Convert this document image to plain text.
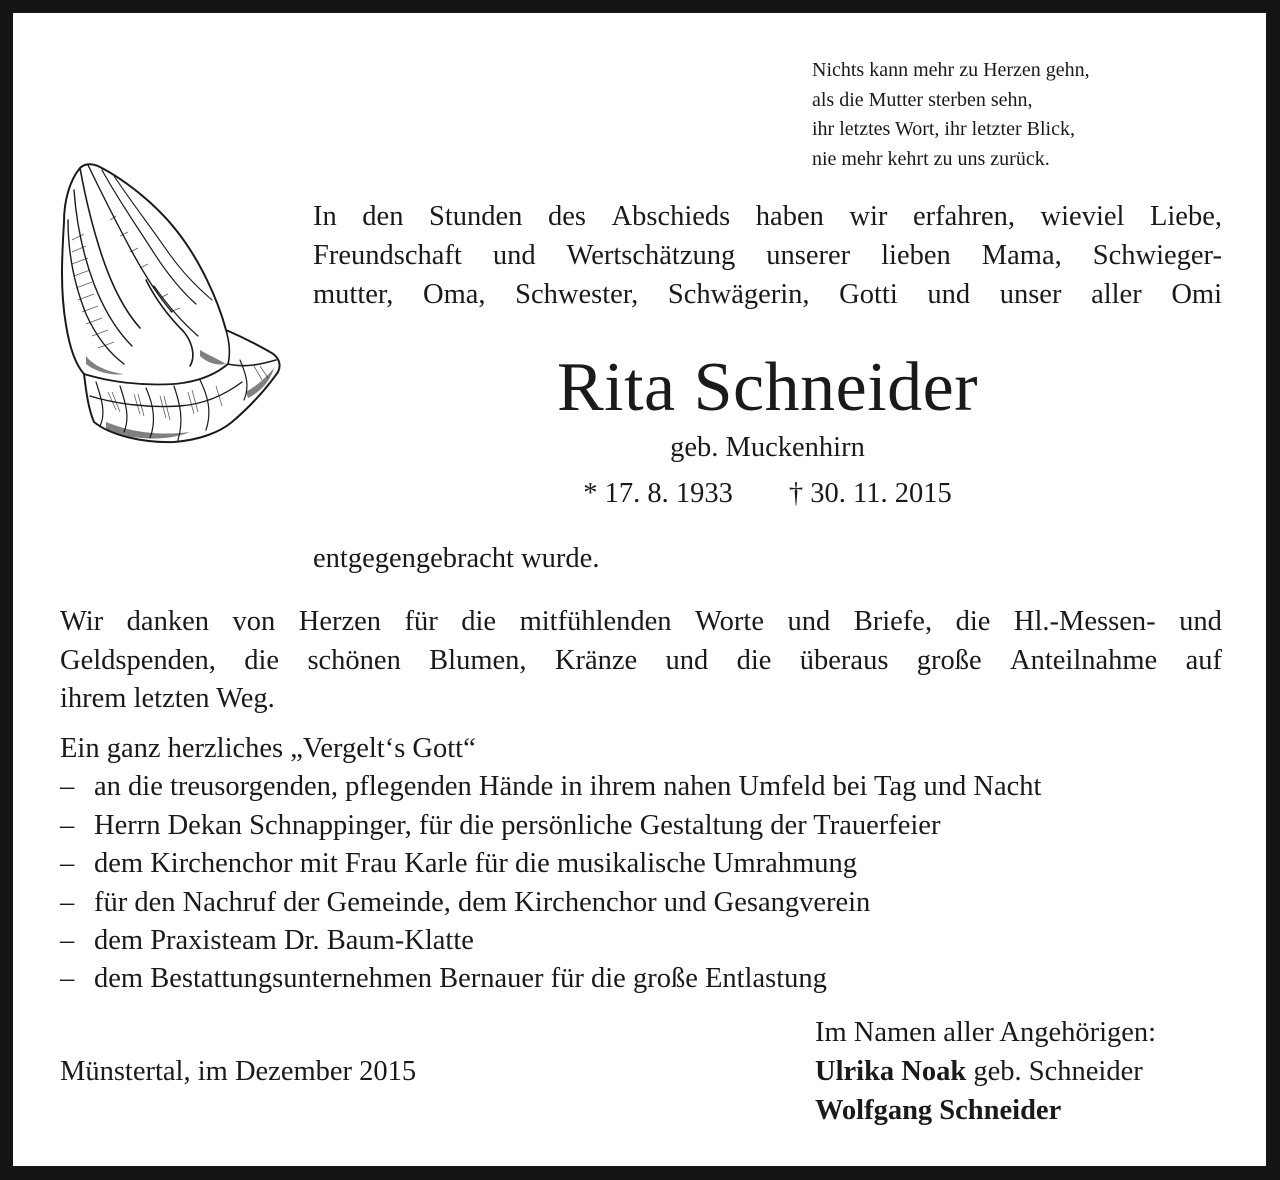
Nichts kann mehr zu Herzen gehn,
als die Mutter sterben sehn,
ihr letztes Wort, ihr letzter Blick,
nie mehr kehrt zu uns zurück.
In den Stunden des Abschieds haben wir erfahren, wieviel Liebe,
Freundschaft und Wertschätzung unserer lieben Mama, Schwieger-
mutter, Oma, Schwester, Schwägerin, Gotti und unser aller Omi
Rita Schneider
geb. Muckenhirn
* 17. 8. 1933 † 30. 11. 2015
entgegengebracht wurde.
Wir danken von Herzen für die mitfühlenden Worte und Briefe, die Hl.-Messen- und
Geldspenden, die schönen Blumen, Kränze und die überaus große Anteilnahme auf
ihrem letzten Weg.
Ein ganz herzliches „Vergelt‘s Gott“
– an die treusorgenden, pflegenden Hände in ihrem nahen Umfeld bei Tag und Nacht
– Herrn Dekan Schnappinger, für die persönliche Gestaltung der Trauerfeier
– dem Kirchenchor mit Frau Karle für die musikalische Umrahmung
– für den Nachruf der Gemeinde, dem Kirchenchor und Gesangverein
– dem Praxisteam Dr. Baum-Klatte
– dem Bestattungsunternehmen Bernauer für die große Entlastung
Münstertal, im Dezember 2015
Im Namen aller Angehörigen:
Ulrika Noak geb. Schneider
Wolfgang Schneider
